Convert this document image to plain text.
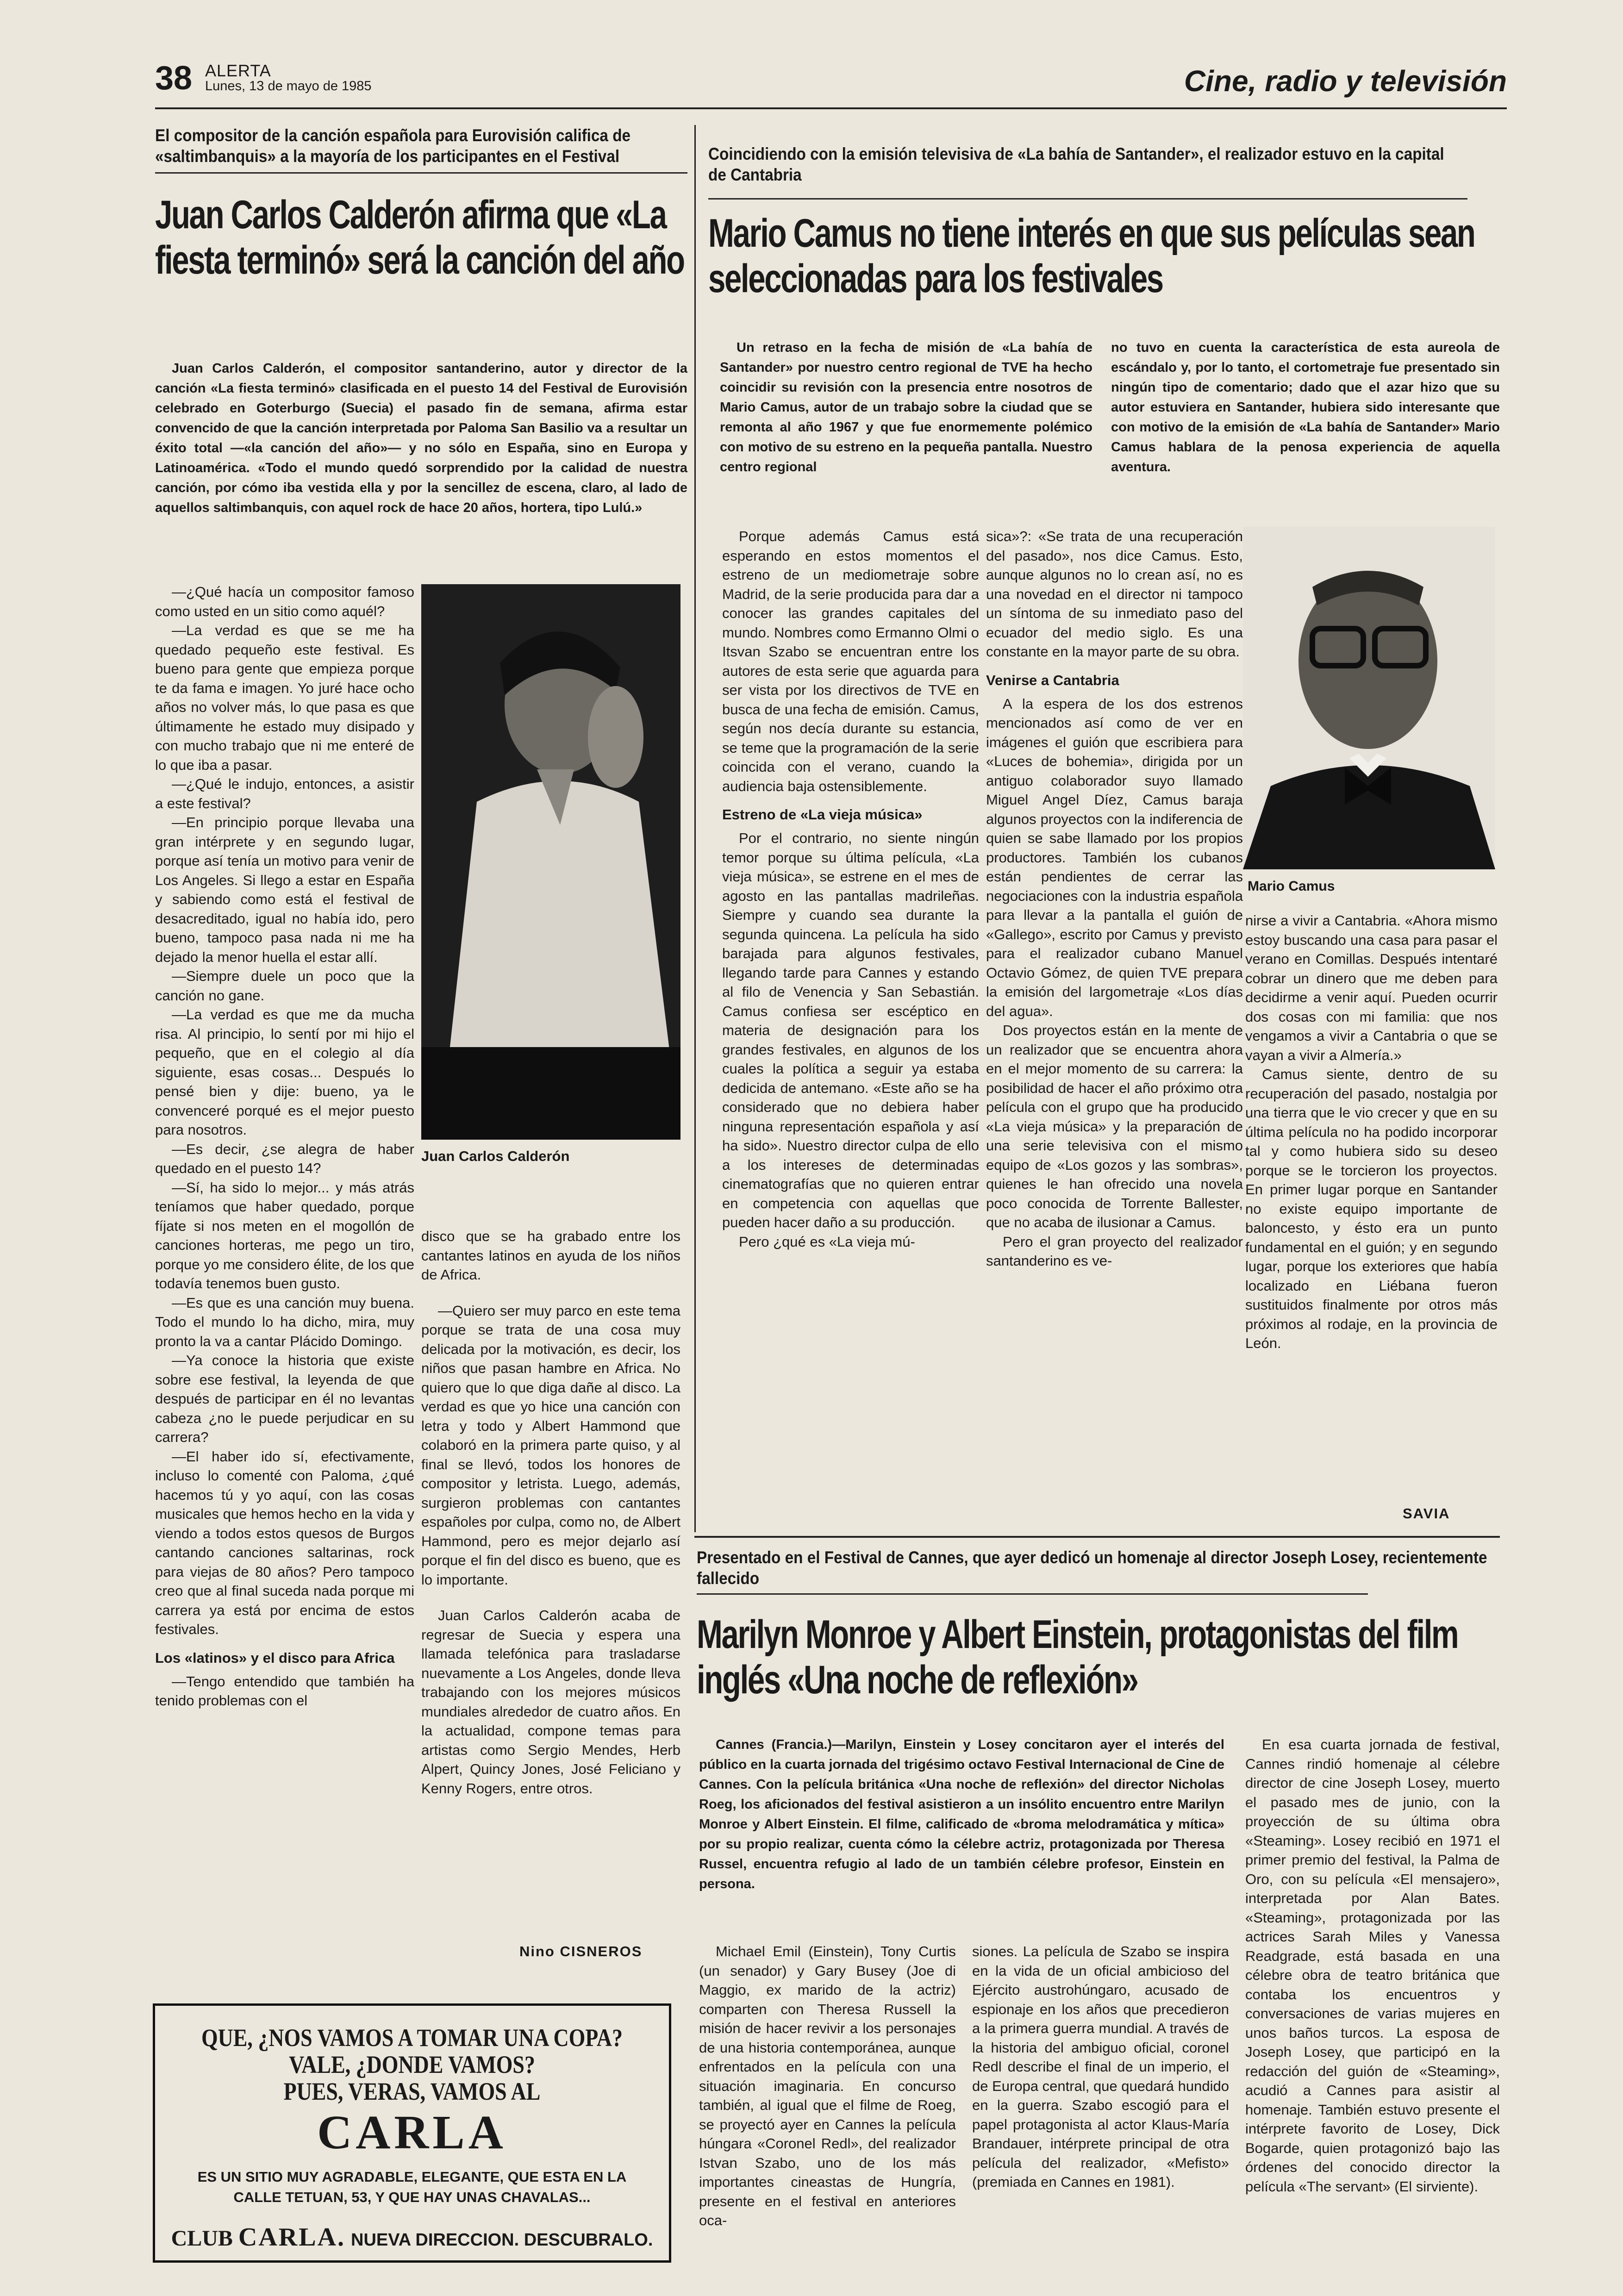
38 ALERTA
Lunes, 13 de mayo de 1985	Cine, radio y televisión
El compositor de la canción española para Eurovisión califica de «saltimbanquis» a la mayoría de los participantes en el Festival
Juan Carlos Calderón afirma que «La fiesta terminó» será la canción del año

Juan Carlos Calderón, el compositor santanderino, autor y director de la canción «La fiesta terminó» clasificada en el puesto 14 del Festival de Eurovisión celebrado en Goterburgo (Suecia) el pasado fin de semana, afirma estar convencido de que la canción interpretada por Paloma San Basilio va a resultar un éxito total —«la canción del año»— y no sólo en España, sino en Europa y Latinoamérica. «Todo el mundo quedó sorprendido por la calidad de nuestra canción, por cómo iba vestida ella y por la sencillez de escena, claro, al lado de aquellos saltimbanquis, con aquel rock de hace 20 años, hortera, tipo Lulú.»

—¿Qué hacía un compositor famoso como usted en un sitio como aquél?

—La verdad es que se me ha quedado pequeño este festival. Es bueno para gente que empieza porque te da fama e imagen. Yo juré hace ocho años no volver más, lo que pasa es que últimamente he estado muy disipado y con mucho trabajo que ni me enteré de lo que iba a pasar.

—¿Qué le indujo, entonces, a asistir a este festival?

—En principio porque llevaba una gran intérprete y en segundo lugar, porque así tenía un motivo para venir de Los Angeles. Si llego a estar en España y sabiendo como está el festival de desacreditado, igual no había ido, pero bueno, tampoco pasa nada ni me ha dejado la menor huella el estar allí.

—Siempre duele un poco que la canción no gane.

—La verdad es que me da mucha risa. Al principio, lo sentí por mi hijo el pequeño, que en el colegio al día siguiente, esas cosas... Después lo pensé bien y dije: bueno, ya le convenceré porqué es el mejor puesto para nosotros.

—Es decir, ¿se alegra de haber quedado en el puesto 14?

—Sí, ha sido lo mejor... y más atrás teníamos que haber quedado, porque fíjate si nos meten en el mogollón de canciones horteras, me pego un tiro, porque yo me considero élite, de los que todavía tenemos buen gusto.

—Es que es una canción muy buena. Todo el mundo lo ha dicho, mira, muy pronto la va a cantar Plácido Domingo.

—Ya conoce la historia que existe sobre ese festival, la leyenda de que después de participar en él no levantas cabeza ¿no le puede perjudicar en su carrera?

—El haber ido sí, efectivamente, incluso lo comenté con Paloma, ¿qué hacemos tú y yo aquí, con las cosas musicales que hemos hecho en la vida y viendo a todos estos quesos de Burgos cantando canciones saltarinas, rock para viejas de 80 años? Pero tampoco creo que al final suceda nada porque mi carrera ya está por encima de estos festivales.

Los «latinos» y el disco para Africa

—Tengo entendido que también ha tenido problemas con el

Juan Carlos Calderón

disco que se ha grabado entre los cantantes latinos en ayuda de los niños de Africa.

—Quiero ser muy parco en este tema porque se trata de una cosa muy delicada por la motivación, es decir, los niños que pasan hambre en Africa. No quiero que lo que diga dañe al disco. La verdad es que yo hice una canción con letra y todo y Albert Hammond que colaboró en la primera parte quiso, y al final se llevó, todos los honores de compositor y letrista. Luego, además, surgieron problemas con cantantes españoles por culpa, como no, de Albert Hammond, pero es mejor dejarlo así porque el fin del disco es bueno, que es lo importante.

Juan Carlos Calderón acaba de regresar de Suecia y espera una llamada telefónica para trasladarse nuevamente a Los Angeles, donde lleva trabajando con los mejores músicos mundiales alrededor de cuatro años. En la actualidad, compone temas para artistas como Sergio Mendes, Herb Alpert, Quincy Jones, José Feliciano y Kenny Rogers, entre otros.

Nino CISNEROS
QUE, ¿NOS VAMOS A TOMAR UNA COPA?
VALE, ¿DONDE VAMOS?
PUES, VERAS, VAMOS AL
CARLA
ES UN SITIO MUY AGRADABLE, ELEGANTE, QUE ESTA EN LA CALLE TETUAN, 53, Y QUE HAY UNAS CHAVALAS...
CLUB CARLA. NUEVA DIRECCION. DESCUBRALO.
Coincidiendo con la emisión televisiva de «La bahía de Santander», el realizador estuvo en la capital de Cantabria
Mario Camus no tiene interés en que sus películas sean seleccionadas para los festivales

Un retraso en la fecha de misión de «La bahía de Santander» por nuestro centro regional de TVE ha hecho coincidir su revisión con la presencia entre nosotros de Mario Camus, autor de un trabajo sobre la ciudad que se remonta al año 1967 y que fue enormemente polémico con motivo de su estreno en la pequeña pantalla. Nuestro centro regional

no tuvo en cuenta la característica de esta aureola de escándalo y, por lo tanto, el cortometraje fue presentado sin ningún tipo de comentario; dado que el azar hizo que su autor estuviera en Santander, hubiera sido interesante que con motivo de la emisión de «La bahía de Santander» Mario Camus hablara de la penosa experiencia de aquella aventura.

Porque además Camus está esperando en estos momentos el estreno de un mediometraje sobre Madrid, de la serie producida para dar a conocer las grandes capitales del mundo. Nombres como Ermanno Olmi o Itsvan Szabo se encuentran entre los autores de esta serie que aguarda para ser vista por los directivos de TVE en busca de una fecha de emisión. Camus, según nos decía durante su estancia, se teme que la programación de la serie coincida con el verano, cuando la audiencia baja ostensiblemente.

Estreno de «La vieja música»

Por el contrario, no siente ningún temor porque su última película, «La vieja música», se estrene en el mes de agosto en las pantallas madrileñas. Siempre y cuando sea durante la segunda quincena. La película ha sido barajada para algunos festivales, llegando tarde para Cannes y estando al filo de Venencia y San Sebastián. Camus confiesa ser escéptico en materia de designación para los grandes festivales, en algunos de los cuales la política a seguir ya estaba dedicida de antemano. «Este año se ha considerado que no debiera haber ninguna representación española y así ha sido». Nuestro director culpa de ello a los intereses de determinadas cinematografías que no quieren entrar en competencia con aquellas que pueden hacer daño a su producción.

Pero ¿qué es «La vieja mú-

sica»?: «Se trata de una recuperación del pasado», nos dice Camus. Esto, aunque algunos no lo crean así, no es una novedad en el director ni tampoco un síntoma de su inmediato paso del ecuador del medio siglo. Es una constante en la mayor parte de su obra.

Venirse a Cantabria

A la espera de los dos estrenos mencionados así como de ver en imágenes el guión que escribiera para «Luces de bohemia», dirigida por un antiguo colaborador suyo llamado Miguel Angel Díez, Camus baraja algunos proyectos con la indiferencia de quien se sabe llamado por los propios productores. También los cubanos están pendientes de cerrar las negociaciones con la industria española para llevar a la pantalla el guión de «Gallego», escrito por Camus y previsto para el realizador cubano Manuel Octavio Gómez, de quien TVE prepara la emisión del largometraje «Los días del agua».

Dos proyectos están en la mente de un realizador que se encuentra ahora en el mejor momento de su carrera: la posibilidad de hacer el año próximo otra película con el grupo que ha producido «La vieja música» y la preparación de una serie televisiva con el mismo equipo de «Los gozos y las sombras», quienes le han ofrecido una novela poco conocida de Torrente Ballester, que no acaba de ilusionar a Camus.

Pero el gran proyecto del realizador santanderino es ve-

Mario Camus

nirse a vivir a Cantabria. «Ahora mismo estoy buscando una casa para pasar el verano en Comillas. Después intentaré cobrar un dinero que me deben para decidirme a venir aquí. Pueden ocurrir dos cosas con mi familia: que nos vengamos a vivir a Cantabria o que se vayan a vivir a Almería.»

Camus siente, dentro de su recuperación del pasado, nostalgia por una tierra que le vio crecer y que en su última película no ha podido incorporar tal y como hubiera sido su deseo porque se le torcieron los proyectos. En primer lugar porque en Santander no existe equipo importante de baloncesto, y ésto era un punto fundamental en el guión; y en segundo lugar, porque los exteriores que había localizado en Liébana fueron sustituidos finalmente por otros más próximos al rodaje, en la provincia de León.

SAVIA
Presentado en el Festival de Cannes, que ayer dedicó un homenaje al director Joseph Losey, recientemente fallecido
Marilyn Monroe y Albert Einstein, protagonistas del film inglés «Una noche de reflexión»

Cannes (Francia.)—Marilyn, Einstein y Losey concitaron ayer el interés del público en la cuarta jornada del trigésimo octavo Festival Internacional de Cine de Cannes. Con la película británica «Una noche de reflexión» del director Nicholas Roeg, los aficionados del festival asistieron a un insólito encuentro entre Marilyn Monroe y Albert Einstein. El filme, calificado de «broma melodramática y mítica» por su propio realizar, cuenta cómo la célebre actriz, protagonizada por Theresa Russel, encuentra refugio al lado de un también célebre profesor, Einstein en persona.

En esa cuarta jornada de festival, Cannes rindió homenaje al célebre director de cine Joseph Losey, muerto el pasado mes de junio, con la proyección de su última obra «Steaming». Losey recibió en 1971 el primer premio del festival, la Palma de Oro, con su película «El mensajero», interpretada por Alan Bates. «Steaming», protagonizada por las actrices Sarah Miles y Vanessa Readgrade, está basada en una célebre obra de teatro británica que contaba los encuentros y conversaciones de varias mujeres en unos baños turcos. La esposa de Joseph Losey, que participó en la redacción del guión de «Steaming», acudió a Cannes para asistir al homenaje. También estuvo presente el intérprete favorito de Losey, Dick Bogarde, quien protagonizó bajo las órdenes del conocido director la película «The servant» (El sirviente).

Michael Emil (Einstein), Tony Curtis (un senador) y Gary Busey (Joe di Maggio, ex marido de la actriz) comparten con Theresa Russell la misión de hacer revivir a los personajes de una historia contemporánea, aunque enfrentados en la película con una situación imaginaria. En concurso también, al igual que el filme de Roeg, se proyectó ayer en Cannes la película húngara «Coronel Redl», del realizador Istvan Szabo, uno de los más importantes cineastas de Hungría, presente en el festival en anteriores oca-

siones. La película de Szabo se inspira en la vida de un oficial ambicioso del Ejército austrohúngaro, acusado de espionaje en los años que precedieron a la primera guerra mundial. A través de la historia del ambiguo oficial, coronel Redl describe el final de un imperio, el de Europa central, que quedará hundido en la guerra. Szabo escogió para el papel protagonista al actor Klaus-María Brandauer, intérprete principal de otra película del realizador, «Mefisto» (premiada en Cannes en 1981).
